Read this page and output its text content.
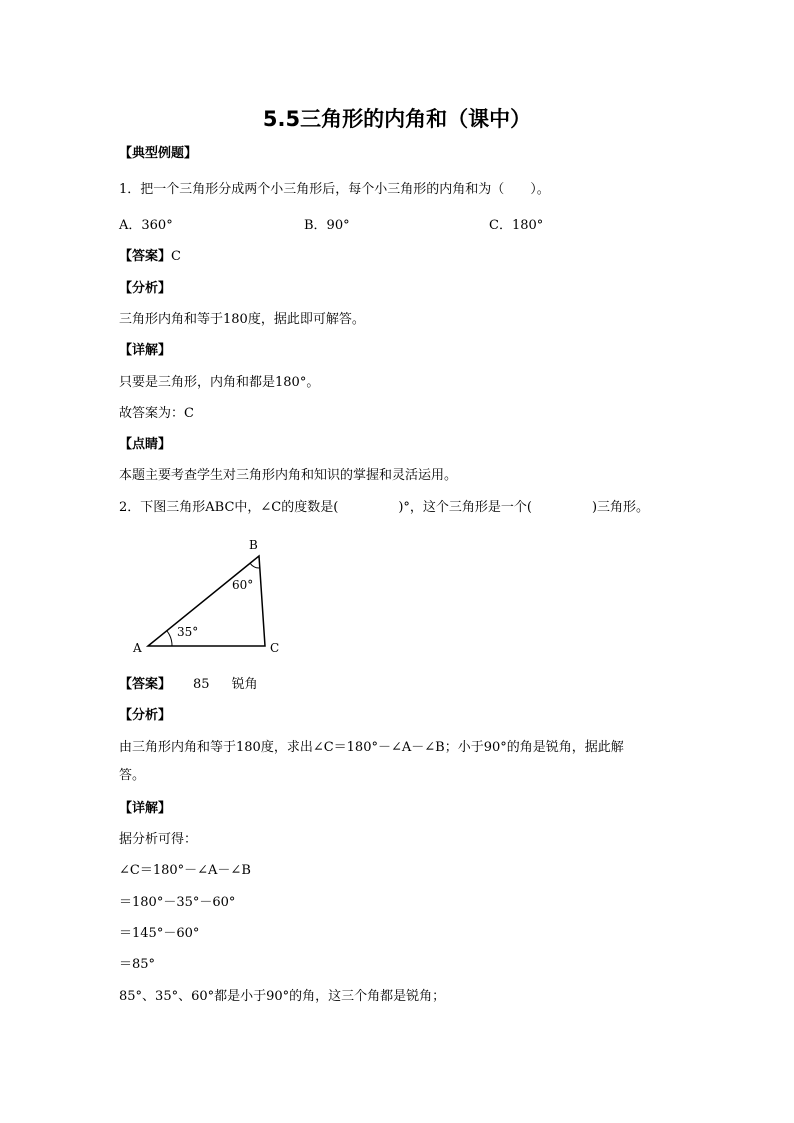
5.5三角形的内角和（课中）
【典型例题】
1．把一个三角形分成两个小三角形后，每个小三角形的内角和为（　　）。
A．360°	B．90°	C．180°
【答案】C
【分析】
三角形内角和等于180度，据此即可解答。
【详解】
只要是三角形，内角和都是180°。
故答案为：C
【点睛】
本题主要考查学生对三角形内角和知识的掌握和灵活运用。
2．下图三角形ABC中，∠C的度数是(	)°，这个三角形是一个(	)三角形。
A
B
C
35°
60°
【答案】 85 锐角
【分析】
由三角形内角和等于180度，求出∠C＝180°－∠A－∠B；小于90°的角是锐角，据此解
答。
【详解】
据分析可得：
∠C＝180°－∠A－∠B
＝180°－35°－60°
＝145°－60°
＝85°
85°、35°、60°都是小于90°的角，这三个角都是锐角；
